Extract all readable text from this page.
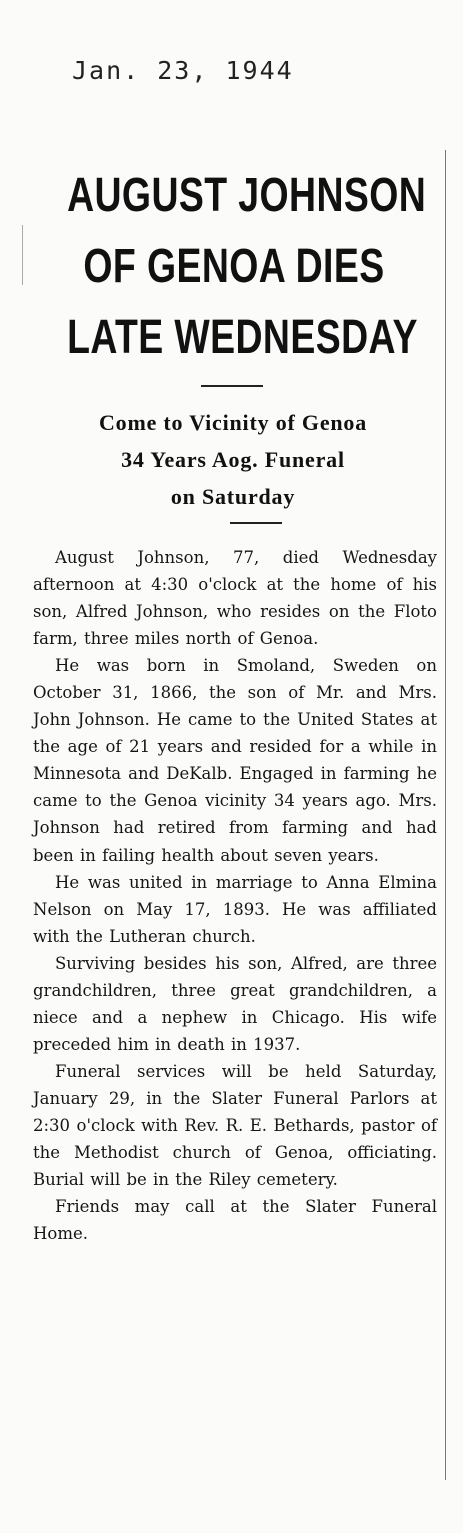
Jan. 23, 1944
AUGUST JOHNSON
OF GENOA DIES
LATE WEDNESDAY
Come to Vicinity of Genoa
34 Years Aog. Funeral
on Saturday

August Johnson, 77, died Wednesday afternoon at 4:30 o'clock at the home of his son, Alfred Johnson, who resides on the Floto farm, three miles north of Genoa.

He was born in Smoland, Sweden on October 31, 1866, the son of Mr. and Mrs. John Johnson. He came to the United States at the age of 21 years and resided for a while in Minnesota and DeKalb. Engaged in farming he came to the Genoa vicinity 34 years ago. Mrs. Johnson had retired from farming and had been in failing health about seven years.

He was united in marriage to Anna Elmina Nelson on May 17, 1893. He was affiliated with the Lutheran church.

Surviving besides his son, Alfred, are three grandchildren, three great grandchildren, a niece and a nephew in Chicago. His wife preceded him in death in 1937.

Funeral services will be held Saturday, January 29, in the Slater Funeral Parlors at 2:30 o'clock with Rev. R. E. Bethards, pastor of the Methodist church of Genoa, officiating. Burial will be in the Riley cemetery.

Friends may call at the Slater Funeral Home.
